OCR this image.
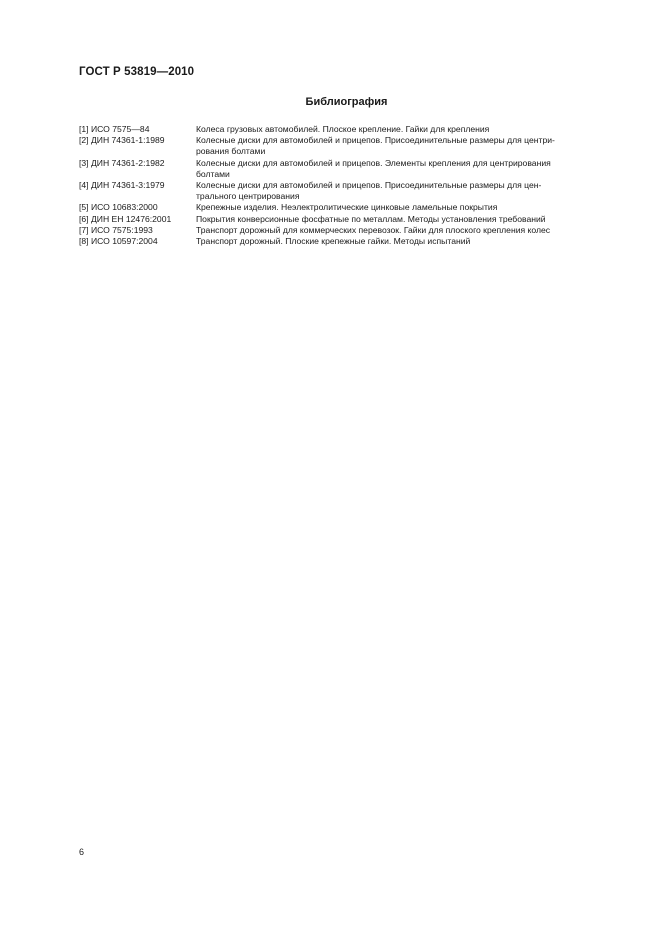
ГОСТ Р 53819—2010
Библиография
[1] ИСО 7575—84	Колеса грузовых автомобилей. Плоское крепление. Гайки для крепления
[2] ДИН 74361-1:1989	Колесные диски для автомобилей и прицепов. Присоединительные размеры для центри-
рования болтами
[3] ДИН 74361-2:1982	Колесные диски для автомобилей и прицепов. Элементы крепления для центрирования
болтами
[4] ДИН 74361-3:1979	Колесные диски для автомобилей и прицепов. Присоединительные размеры для цен-
трального центрирования
[5] ИСО 10683:2000	Крепежные изделия. Неэлектролитические цинковые ламельные покрытия
[6] ДИН ЕН 12476:2001	Покрытия конверсионные фосфатные по металлам. Методы установления требований
[7] ИСО 7575:1993	Транспорт дорожный для коммерческих перевозок. Гайки для плоского крепления колес
[8] ИСО 10597:2004	Транспорт дорожный. Плоские крепежные гайки. Методы испытаний
6
